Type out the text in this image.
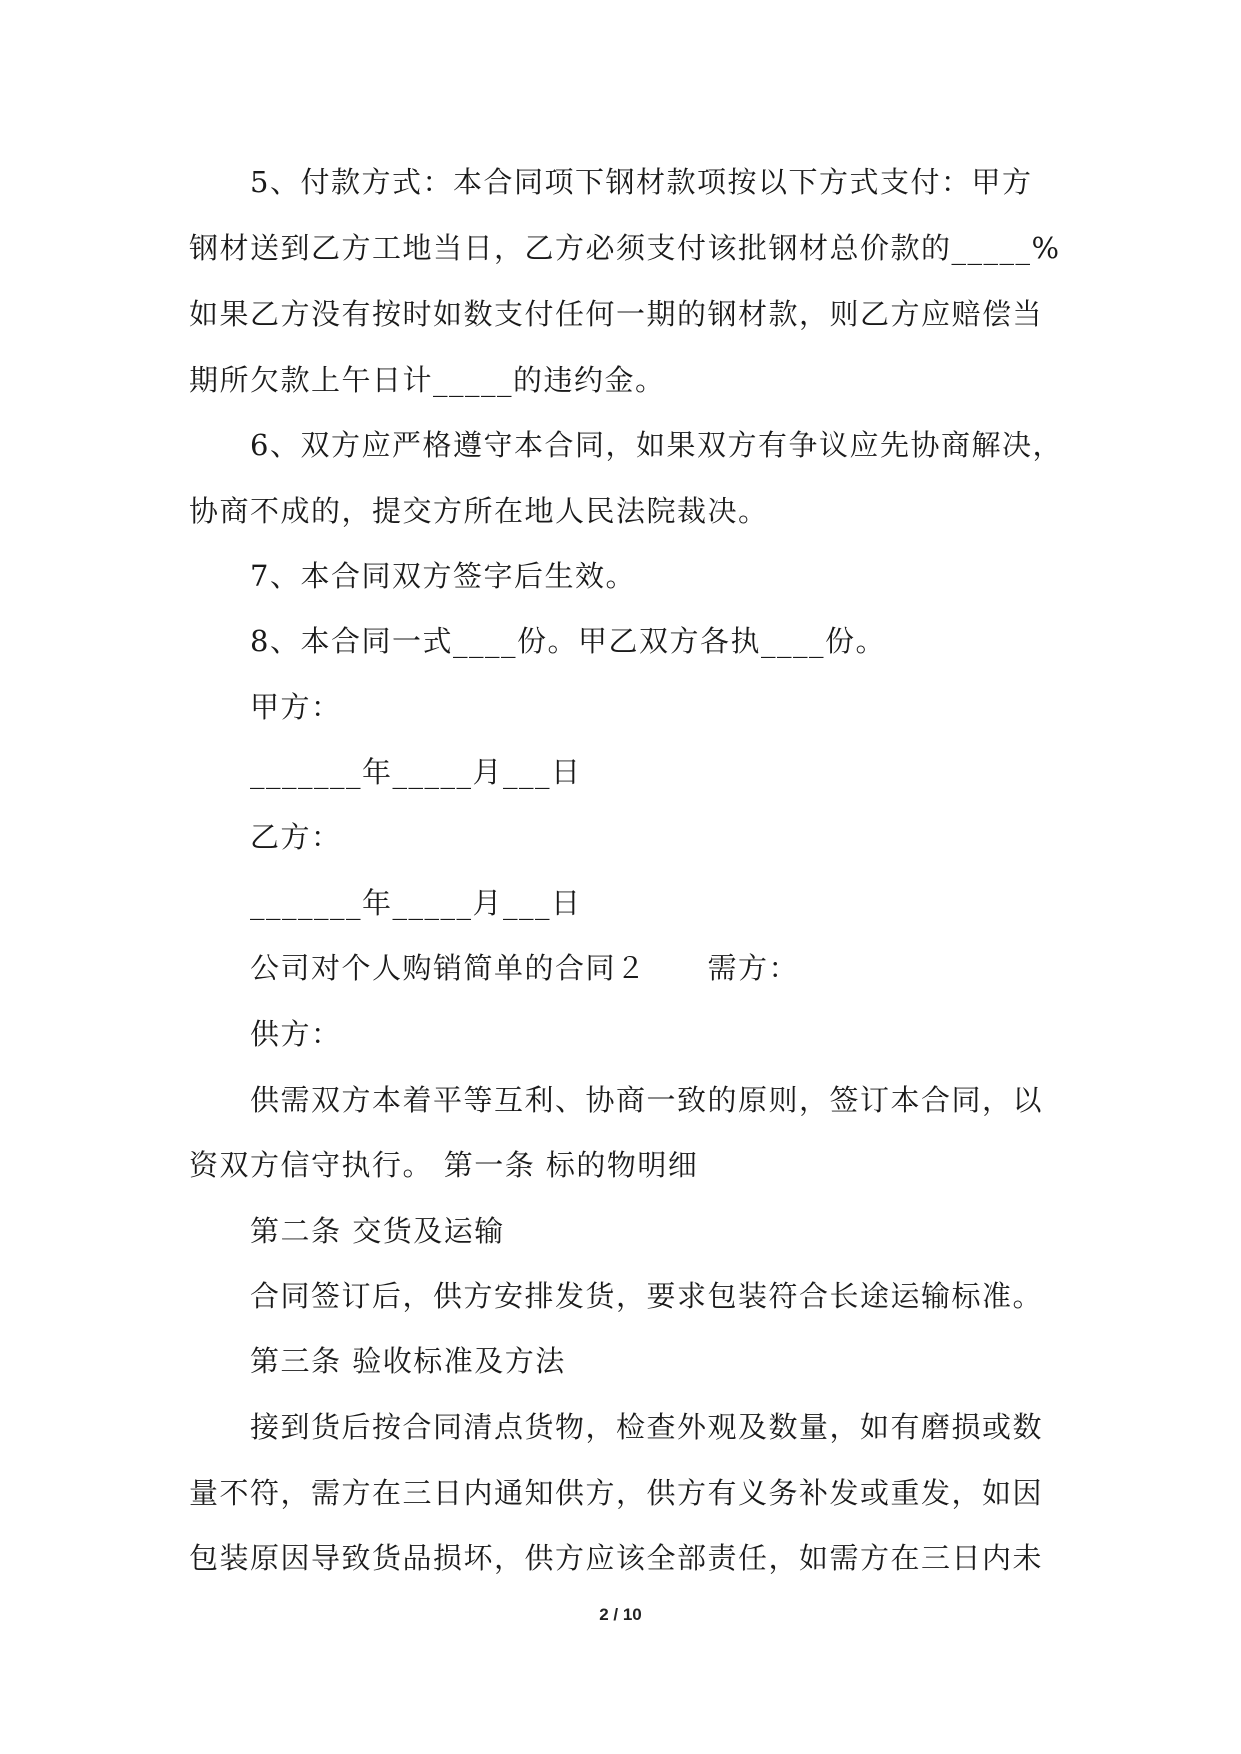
5、付款方式：本合同项下钢材款项按以下方式支付：甲方
钢材送到乙方工地当日，乙方必须支付该批钢材总价款的_____%
如果乙方没有按时如数支付任何一期的钢材款，则乙方应赔偿当
期所欠款上午日计_____的违约金。
6、双方应严格遵守本合同，如果双方有争议应先协商解决，
协商不成的，提交方所在地人民法院裁决。
7、本合同双方签字后生效。
8、本合同一式____份。甲乙双方各执____份。
甲方：
_______年_____月___日
乙方：
_______年_____月___日
公司对个人购销简单的合同２　　需方：
供方：
供需双方本着平等互利、协商一致的原则，签订本合同，以
资双方信守执行。 第一条 标的物明细
第二条 交货及运输
合同签订后，供方安排发货，要求包装符合长途运输标准。
第三条 验收标准及方法
接到货后按合同清点货物，检查外观及数量，如有磨损或数
量不符，需方在三日内通知供方，供方有义务补发或重发，如因
包装原因导致货品损坏，供方应该全部责任，如需方在三日内未
2 / 10
